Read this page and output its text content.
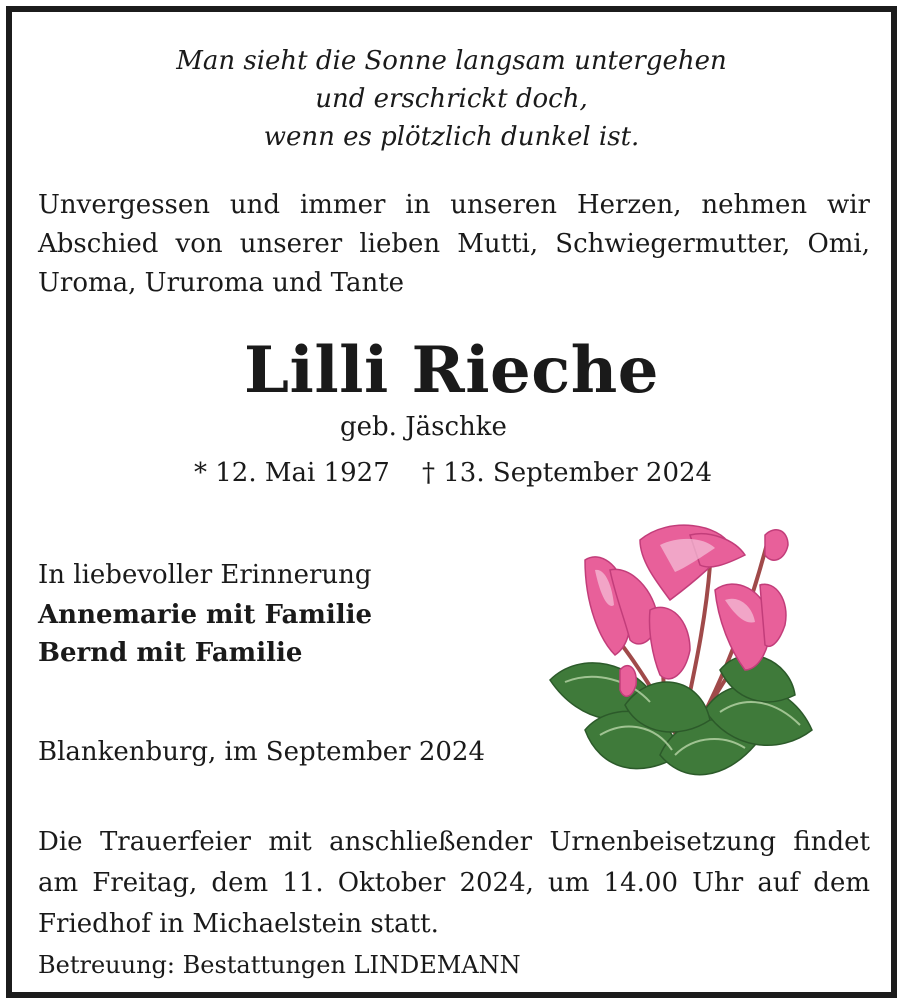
Man sieht die Sonne langsam untergehen

und erschrickt doch,

wenn es plötzlich dunkel ist.

Unvergessen und immer in unseren Herzen, nehmen wir Abschied von unserer lieben Mutti, Schwiegermutter, Omi, Uroma, Ururoma und Tante

Lilli Rieche

geb. Jäschke

* 12. Mai 1927 † 13. September 2024

In liebevoller Erinnerung

Annemarie mit Familie

Bernd mit Familie

Blankenburg, im September 2024

Die Trauerfeier mit anschließender Urnenbeisetzung findet am Freitag, dem 11. Oktober 2024, um 14.00 Uhr auf dem Friedhof in Michaelstein statt.

Betreuung: Bestattungen LINDEMANN
